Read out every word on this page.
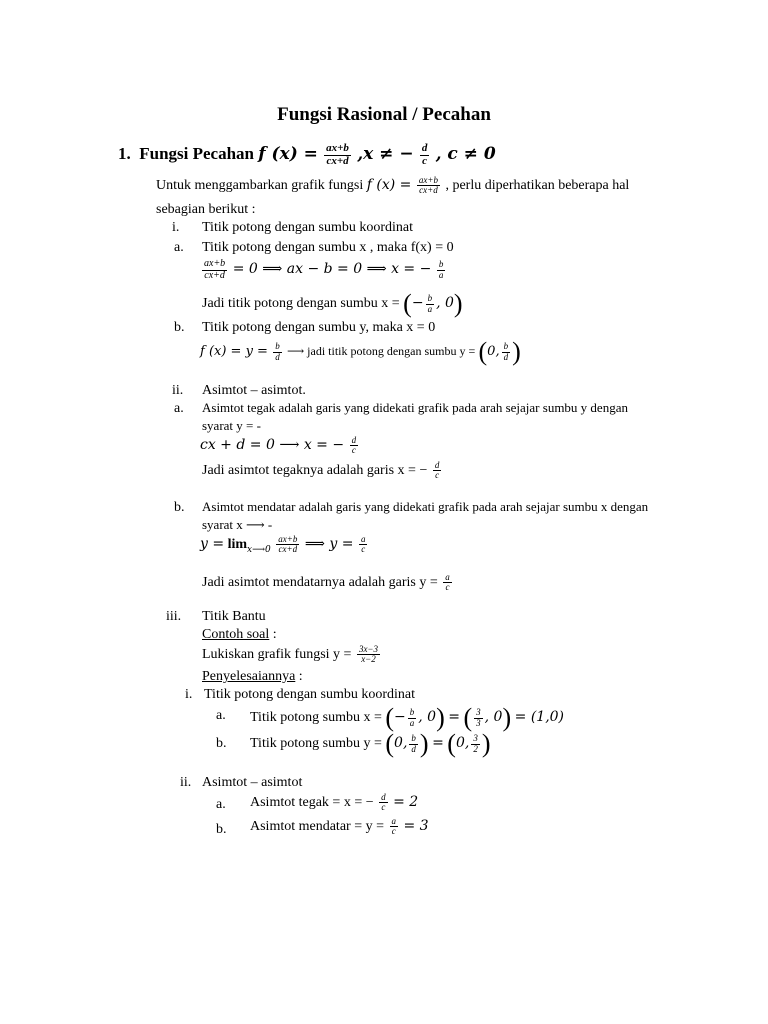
Fungsi Rasional / Pecahan
1. Fungsi Pecahan f $(x) = \frac{ax+b}{cx+d} ,x$ ≠ − $\frac{d}{c}$ , c ≠ 0
Untuk menggambarkan grafik fungsi f $(x) = \frac{ax+b}{cx+d}$ , perlu diperhatikan beberapa hal
sebagian berikut :
i. Titik potong dengan sumbu koordinat
a. Titik potong dengan sumbu x , maka f(x) = 0
$\frac{ax+b}{cx+d} = 0$ ⟹ ax − b = 0 ⟹ x = − $\frac{b}{a}$
Jadi titik potong dengan sumbu x = (− $\frac{b}{a}$ , 0)
b. Titik potong dengan sumbu y, maka x = 0
f $(x) = y = \frac{b}{d}$ ⟶ jadi titik potong dengan sumbu y = (0, $\frac{b}{d}$ )
ii. Asimtot – asimtot.
a. Asimtot tegak adalah garis yang didekati grafik pada arah sejajar sumbu y dengan
syarat y = -
cx + d = 0 ⟶ x = − $\frac{d}{c}$
Jadi asimtot tegaknya adalah garis x = − $\frac{d}{c}$
b. Asimtot mendatar adalah garis yang didekati grafik pada arah sejajar sumbu x dengan
syarat x ⟶ -
$y = \lim_{x⟶0} \frac{ax+b}{cx+d}$ ⟹ $y = \frac{a}{c}$
Jadi asimtot mendatarnya adalah garis $y = \frac{a}{c}$
iii. Titik Bantu
Contoh soal :
Lukiskan grafik fungsi $y = \frac{3x-3}{x-2}$
Penyelesaiannya :
i. Titik potong dengan sumbu koordinat
a. Titik potong sumbu x = (− $\frac{b}{a}$ , 0) = ( $\frac{3}{3}$ , 0) = (1,0)
b. Titik potong sumbu y = (0, $\frac{b}{d}$ ) = (0, $\frac{3}{2}$ )
ii. Asimtot – asimtot
a. Asimtot tegak = x = − $\frac{d}{c} = 2$
b. Asimtot mendatar = $y = \frac{a}{c} = 3$
